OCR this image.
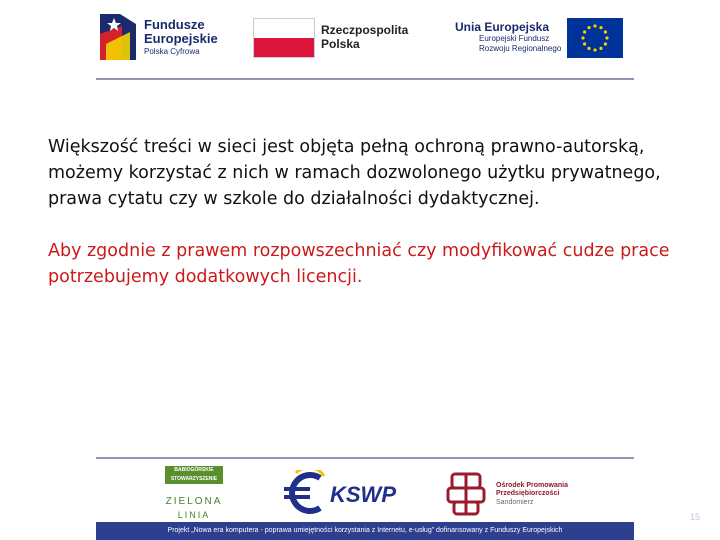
Fundusze
Europejskie
Polska Cyfrowa
Rzeczpospolita
Polska
Unia Europejska
Europejski Fundusz
Rozwoju Regionalnego

Większość treści w sieci jest objęta pełną ochroną prawno-autorską, możemy korzystać z nich w ramach dozwolonego użytku prywatnego, prawa cytatu czy w szkole do działalności dydaktycznej.

Aby zgodnie z prawem rozpowszechniać czy modyfikować cudze prace potrzebujemy dodatkowych licencji.

BABIOGÓRSKIE
STOWARZYSZENIE
ZIELONA
LINIA
KSWP	Ośrodek Promowania
Przedsiębiorczości
Sandomierz
Projekt „Nowa era komputera - poprawa umiejętności korzystania z Internetu, e-usług” dofinansowany z Funduszy Europejskich
15
